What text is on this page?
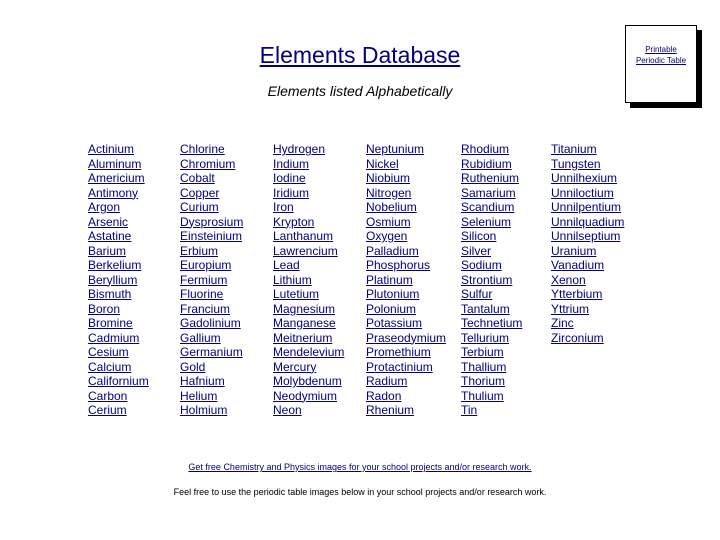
Elements Database
Elements listed Alphabetically
Printable Periodic Table
Actinium
Aluminum
Americium
Antimony
Argon
Arsenic
Astatine
Barium
Berkelium
Beryllium
Bismuth
Boron
Bromine
Cadmium
Cesium
Calcium
Californium
Carbon
Cerium
Chlorine
Chromium
Cobalt
Copper
Curium
Dysprosium
Einsteinium
Erbium
Europium
Fermium
Fluorine
Francium
Gadolinium
Gallium
Germanium
Gold
Hafnium
Helium
Holmium
Hydrogen
Indium
Iodine
Iridium
Iron
Krypton
Lanthanum
Lawrencium
Lead
Lithium
Lutetium
Magnesium
Manganese
Meitnerium
Mendelevium
Mercury
Molybdenum
Neodymium
Neon
Neptunium
Nickel
Niobium
Nitrogen
Nobelium
Osmium
Oxygen
Palladium
Phosphorus
Platinum
Plutonium
Polonium
Potassium
Praseodymium
Promethium
Protactinium
Radium
Radon
Rhenium
Rhodium
Rubidium
Ruthenium
Samarium
Scandium
Selenium
Silicon
Silver
Sodium
Strontium
Sulfur
Tantalum
Technetium
Tellurium
Terbium
Thallium
Thorium
Thulium
Tin
Titanium
Tungsten
Unnilhexium
Unniloctium
Unnilpentium
Unnilquadium
Unnilseptium
Uranium
Vanadium
Xenon
Ytterbium
Yttrium
Zinc
Zirconium
Get free Chemistry and Physics images for your school projects and/or research work.
Feel free to use the periodic table images below in your school projects and/or research work.
